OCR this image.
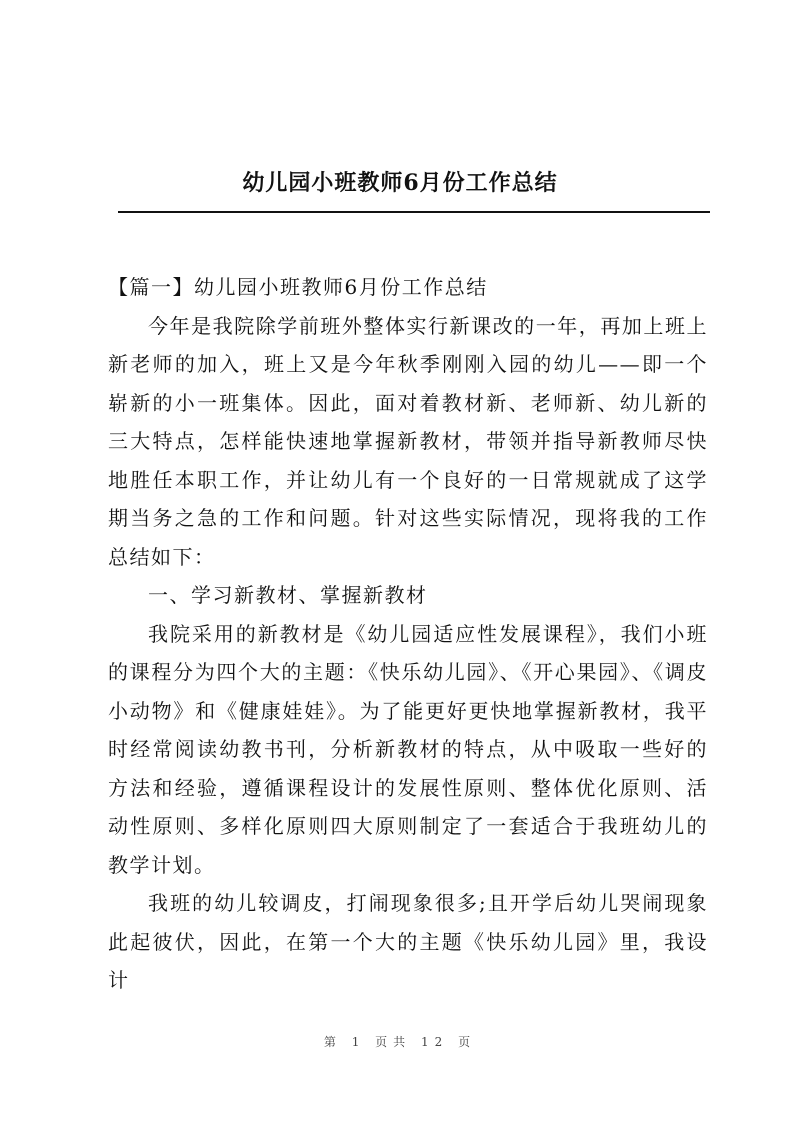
幼儿园小班教师6月份工作总结

【篇一】幼儿园小班教师6月份工作总结

今年是我院除学前班外整体实行新课改的一年，再加上班上新老师的加入，班上又是今年秋季刚刚入园的幼儿——即一个崭新的小一班集体。因此，面对着教材新、老师新、幼儿新的三大特点，怎样能快速地掌握新教材，带领并指导新教师尽快地胜任本职工作，并让幼儿有一个良好的一日常规就成了这学期当务之急的工作和问题。针对这些实际情况，现将我的工作总结如下：

一、学习新教材、掌握新教材

我院采用的新教材是《幼儿园适应性发展课程》，我们小班的课程分为四个大的主题：《快乐幼儿园》、《开心果园》、《调皮小动物》和《健康娃娃》。为了能更好更快地掌握新教材，我平时经常阅读幼教书刊，分析新教材的特点，从中吸取一些好的方法和经验，遵循课程设计的发展性原则、整体优化原则、活动性原则、多样化原则四大原则制定了一套适合于我班幼儿的教学计划。

我班的幼儿较调皮，打闹现象很多;且开学后幼儿哭闹现象此起彼伏，因此，在第一个大的主题《快乐幼儿园》里，我设计

第 1 页共 12 页
